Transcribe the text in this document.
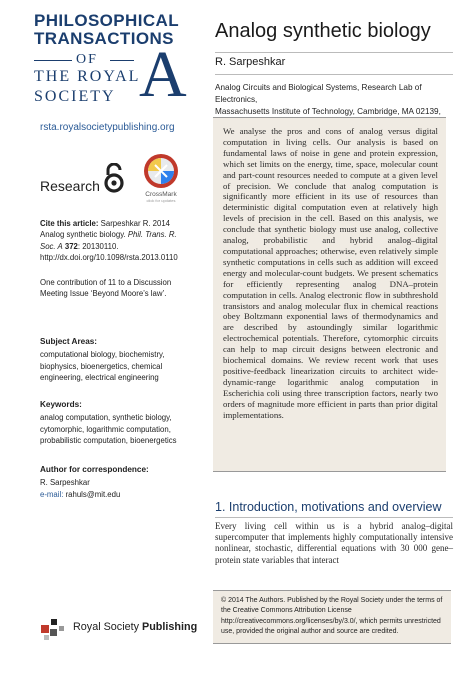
PHILOSOPHICAL
TRANSACTIONS
OF
THE ROYAL
SOCIETY A
Analog synthetic biology
R. Sarpeshkar
Analog Circuits and Biological Systems, Research Lab of Electronics,
Massachusetts Institute of Technology, Cambridge, MA 02139,
rsta.royalsocietypublishing.org
Research
CrossMark
click for updates
Cite this article: Sarpeshkar R. 2014 Analog synthetic biology. Phil. Trans. R. Soc. A 372: 20130110.
http://dx.doi.org/10.1098/rsta.2013.0110
One contribution of 11 to a Discussion Meeting Issue ‘Beyond Moore’s law’.
Subject Areas:
computational biology, biochemistry, biophysics, bioenergetics, chemical engineering, electrical engineering
Keywords:
analog computation, synthetic biology, cytomorphic, logarithmic computation, probabilistic computation, bioenergetics
Author for correspondence:
R. Sarpeshkar
e-mail: rahuls@mit.edu

We analyse the pros and cons of analog versus digital computation in living cells. Our analysis is based on fundamental laws of noise in gene and protein expression, which set limits on the energy, time, space, molecular count and part-count resources needed to compute at a given level of precision. We conclude that analog computation is significantly more efficient in its use of resources than deterministic digital computation even at relatively high levels of precision in the cell. Based on this analysis, we conclude that synthetic biology must use analog, collective analog, probabilistic and hybrid analog–digital computational approaches; otherwise, even relatively simple synthetic computations in cells such as addition will exceed energy and molecular-count budgets. We present schematics for efficiently representing analog DNA–protein computation in cells. Analog electronic flow in subthreshold transistors and analog molecular flux in chemical reactions obey Boltzmann exponential laws of thermodynamics and are described by astoundingly similar logarithmic electrochemical potentials. Therefore, cytomorphic circuits can help to map circuit designs between electronic and biochemical domains. We review recent work that uses positive-feedback linearization circuits to architect wide-dynamic-range logarithmic analog computation in Escherichia coli using three transcription factors, nearly two orders of magnitude more efficient in parts than prior digital implementations.

1. Introduction, motivations and overview
Every living cell within us is a hybrid analog–digital supercomputer that implements highly computationally intensive nonlinear, stochastic, differential equations with 30 000 gene–protein state variables that interact

© 2014 The Authors. Published by the Royal Society under the terms of the Creative Commons Attribution License http://creativecommons.org/licenses/by/3.0/, which permits unrestricted use, provided the original author and source are credited.

Royal Society Publishing
